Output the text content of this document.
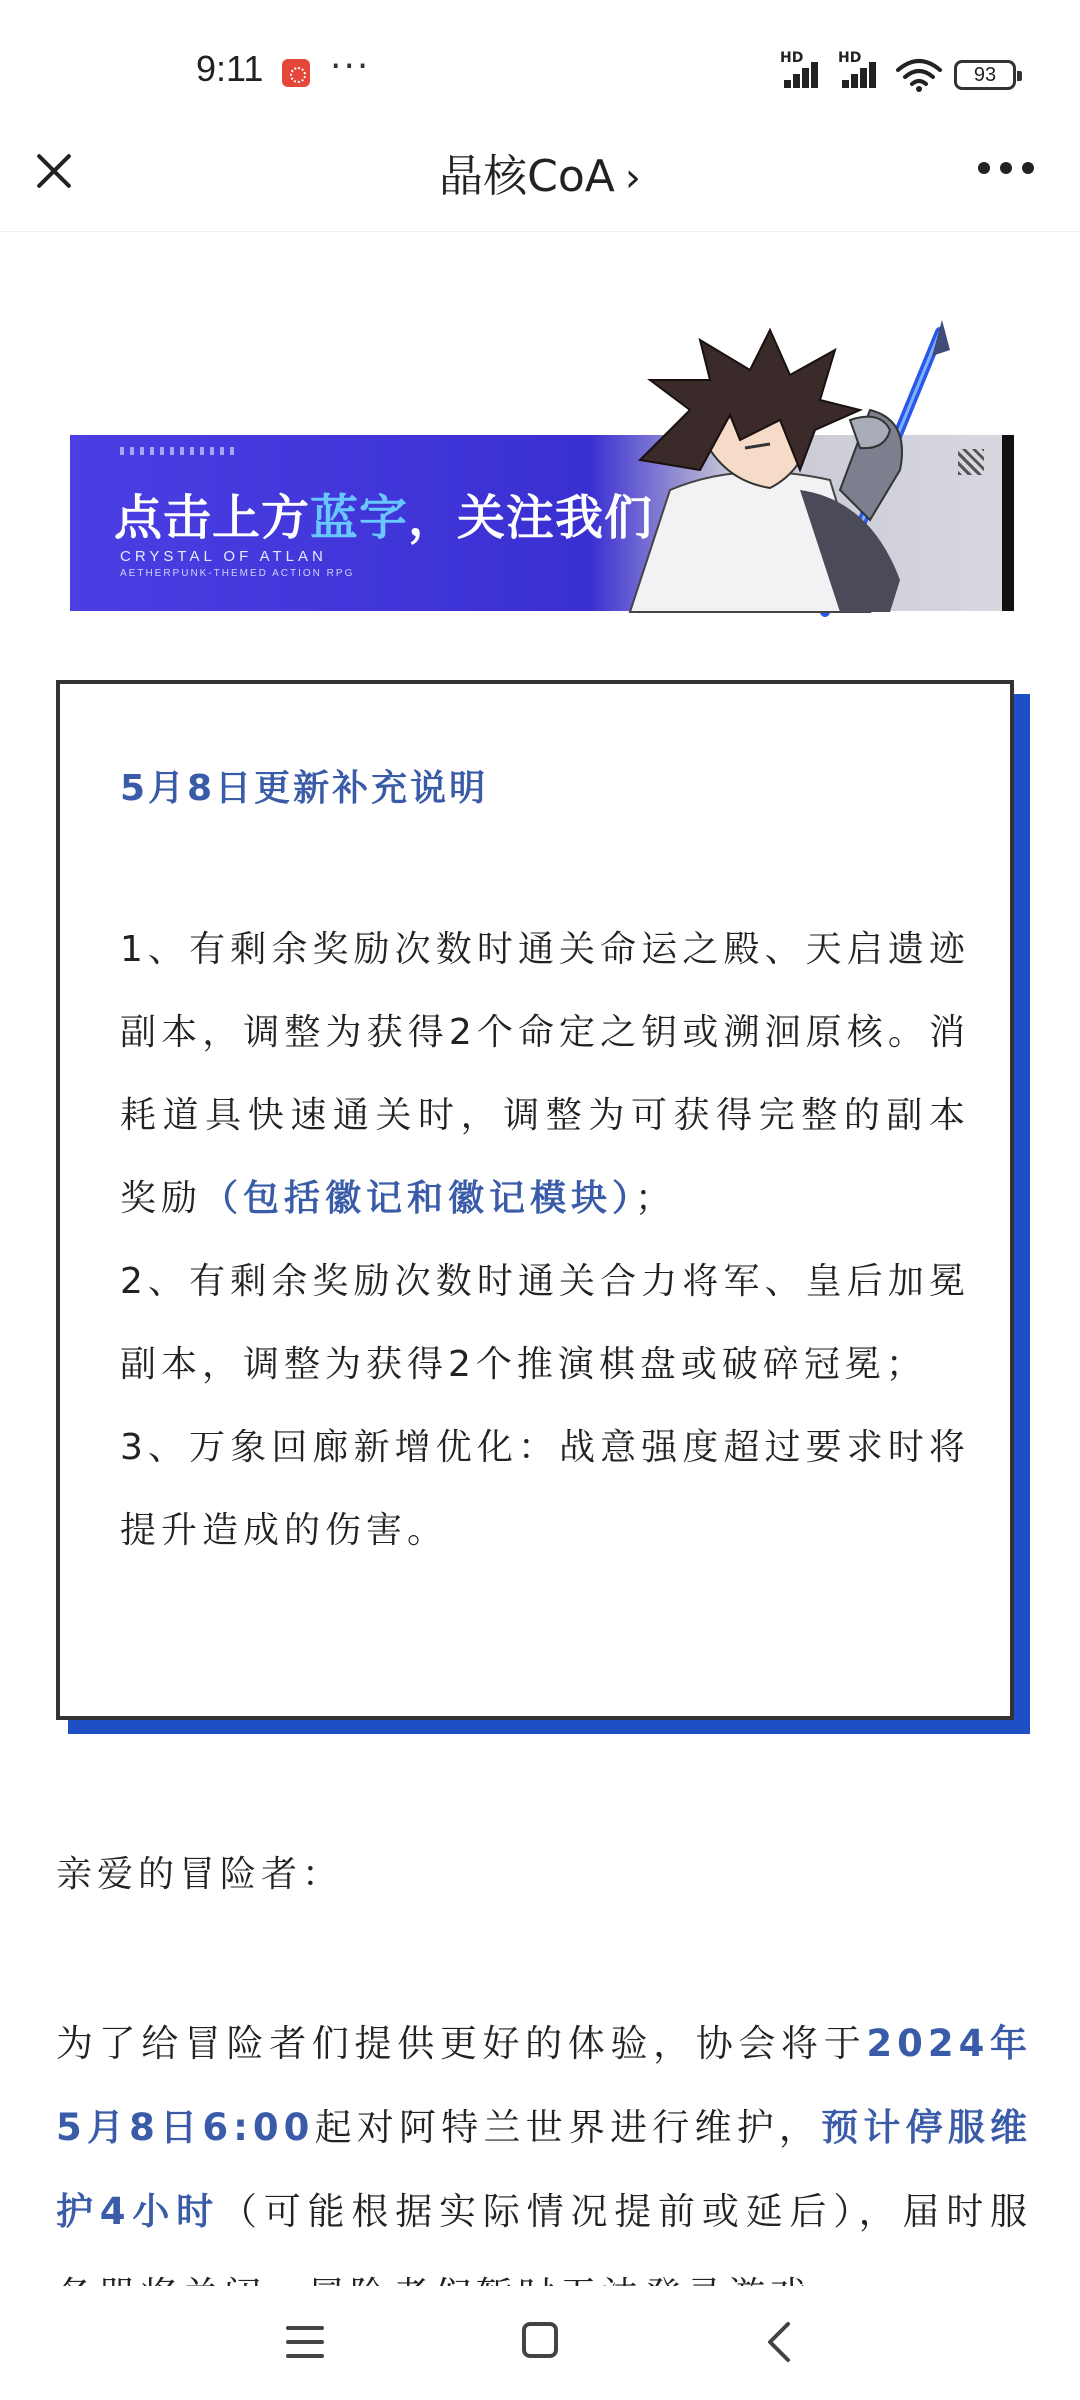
9:11 ···	HD HD
93
晶核CoA ›
点击上方蓝字，关注我们
CRYSTAL OF ATLAN
AETHERPUNK-THEMED ACTION RPG
5月8日更新补充说明
1、有剩余奖励次数时通关命运之殿、天启遗迹副本，调整为获得2个命定之钥或溯洄原核。消耗道具快速通关时，调整为可获得完整的副本奖励（包括徽记和徽记模块）；
2、有剩余奖励次数时通关合力将军、皇后加冕副本，调整为获得2个推演棋盘或破碎冠冕；
3、万象回廊新增优化：战意强度超过要求时将提升造成的伤害。
亲爱的冒险者：
为了给冒险者们提供更好的体验，协会将于2024年5月8日6:00起对阿特兰世界进行维护，预计停服维护4小时（可能根据实际情况提前或延后），届时服
